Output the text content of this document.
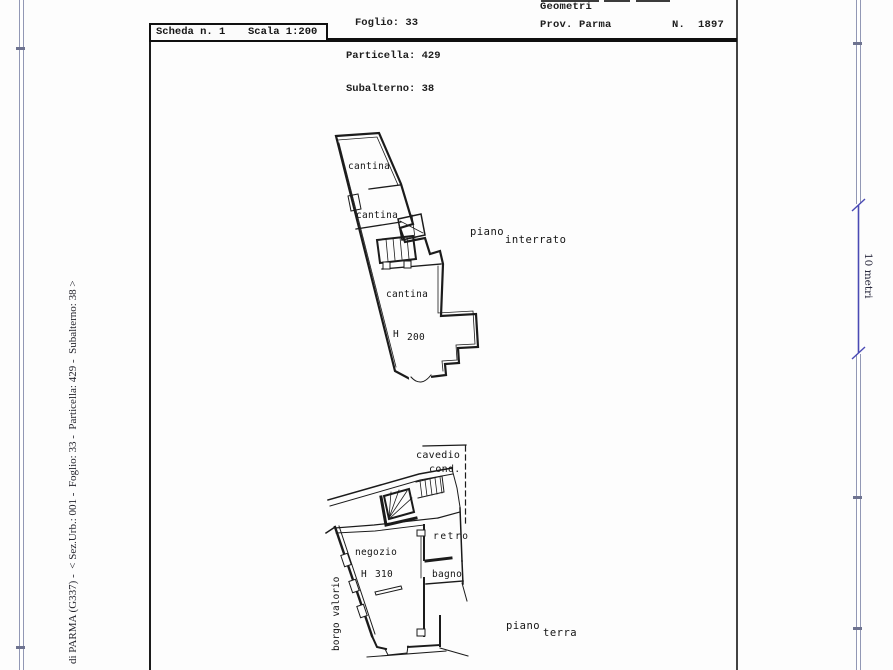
10 metri

di PARMA (G337) -  < Sez.Urb.: 001 -  Foglio: 33 -  Particella: 429 -  Subalterno: 38 >

Foglio: 33

Particella: 429

Subalterno: 38

Geometri
Prov. Parma	N.  1897
Scheda n. 1 Scala 1:200
cantina
cantina
cantina
H 200
piano
interrato
cavedio
cond.
retro
negozio
H 310	bagno
borgo valorio	piano
terra
